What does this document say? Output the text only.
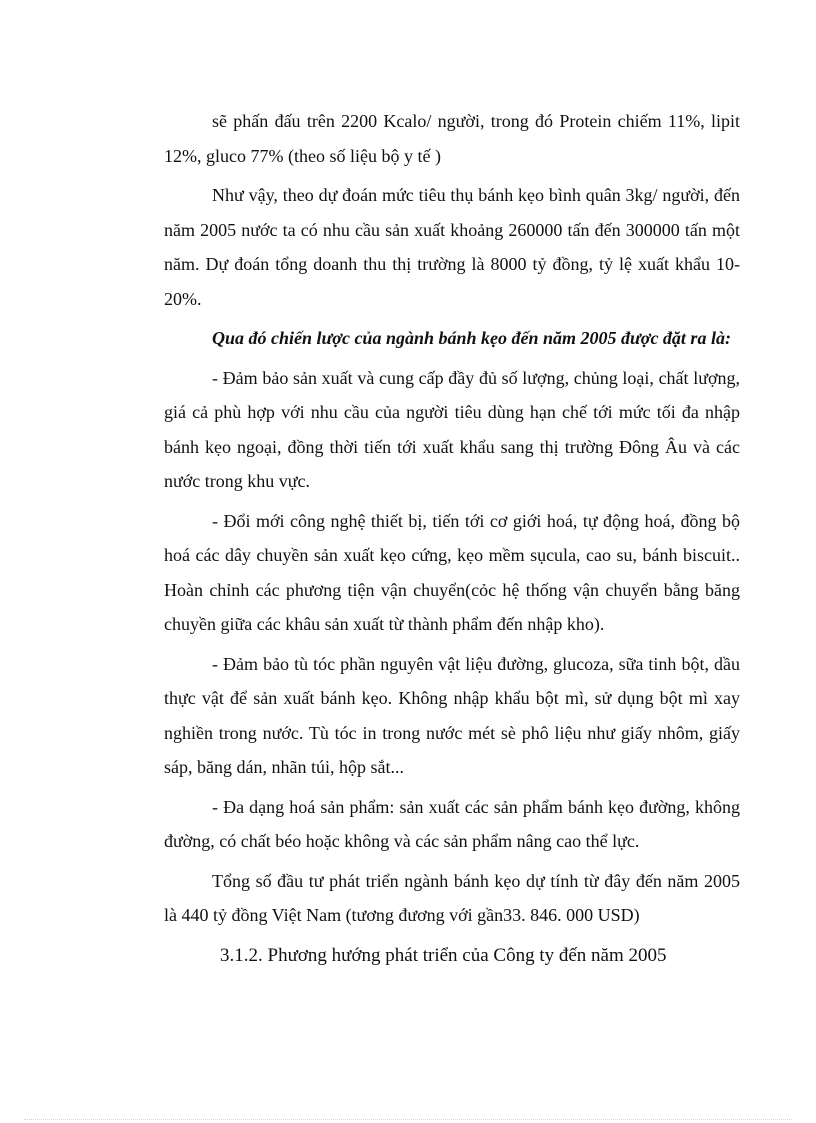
sẽ phấn đấu trên 2200 Kcalo/ người, trong đó Protein chiếm 11%, lipit 12%, gluco 77% (theo số liệu bộ y tế )

Như vậy, theo dự đoán mức tiêu thụ bánh kẹo bình quân 3kg/ người, đến năm 2005 nước ta có nhu cầu sản xuất khoảng 260000 tấn đến 300000 tấn một năm. Dự đoán tổng doanh thu thị trường là 8000 tỷ đồng, tỷ lệ xuất khẩu 10- 20%.

Qua đó chiến lược của ngành bánh kẹo đến năm 2005 được đặt ra là:

- Đảm bảo sản xuất và cung cấp đầy đủ số lượng, chủng loại, chất lượng, giá cả phù hợp với nhu cầu của người tiêu dùng hạn chế tới mức tối đa nhập bánh kẹo ngoại, đồng thời tiến tới xuất khẩu sang thị trường Đông Âu và các nước trong khu vực.

- Đổi mới công nghệ thiết bị, tiến tới cơ giới hoá, tự động hoá, đồng bộ hoá các dây chuyền sản xuất kẹo cứng, kẹo mềm sụcula, cao su, bánh biscuit.. Hoàn chỉnh các phương tiện vận chuyển(cỏc hệ thống vận chuyển bằng băng chuyền giữa các khâu sản xuất từ thành phẩm đến nhập kho).

- Đảm bảo tù tóc phần nguyên vật liệu đường, glucoza, sữa tinh bột, dầu thực vật để sản xuất bánh kẹo. Không nhập khẩu bột mì, sử dụng bột mì xay nghiền trong nước. Tù tóc in trong nước mét sè phô liệu như giấy nhôm, giấy sáp, băng dán, nhãn túi, hộp sắt...

- Đa dạng hoá sản phẩm: sản xuất các sản phẩm bánh kẹo đường, không đường, có chất béo hoặc không và các sản phẩm nâng cao thể lực.

Tổng số đầu tư phát triển ngành bánh kẹo dự tính từ đây đến năm 2005 là 440 tỷ đồng Việt Nam (tương đương với gần33. 846. 000 USD)

3.1.2. Phương hướng phát triển của Công ty đến năm 2005
